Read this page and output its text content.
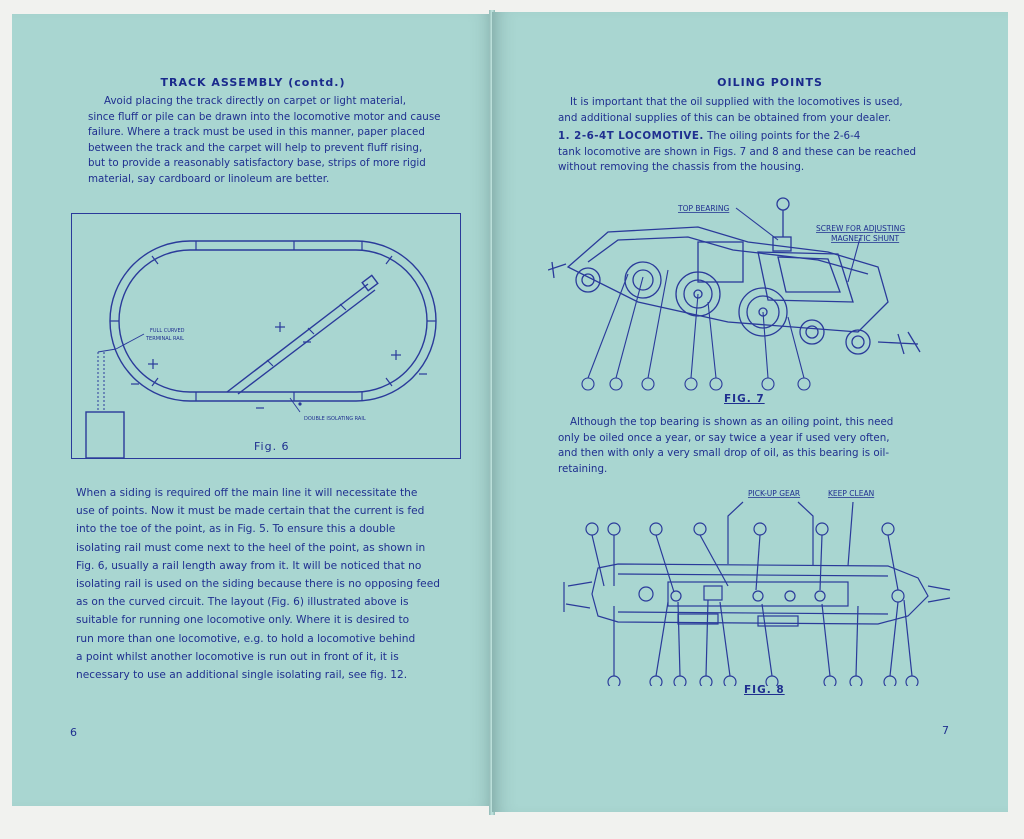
TRACK ASSEMBLY (contd.)
Avoid placing the track directly on carpet or light material,
since fluff or pile can be drawn into the locomotive motor and cause
failure. Where a track must be used in this manner, paper placed
between the track and the carpet will help to prevent fluff rising,
but to provide a reasonably satisfactory base, strips of more rigid
material, say cardboard or linoleum are better.
FULL CURVED
TERMINAL RAIL
DOUBLE ISOLATING RAIL
Fig. 6
When a siding is required off the main line it will necessitate the
use of points. Now it must be made certain that the current is fed
into the toe of the point, as in Fig. 5. To ensure this a double
isolating rail must come next to the heel of the point, as shown in
Fig. 6, usually a rail length away from it. It will be noticed that no
isolating rail is used on the siding because there is no opposing feed
as on the curved circuit. The layout (Fig. 6) illustrated above is
suitable for running one locomotive only. Where it is desired to
run more than one locomotive, e.g. to hold a locomotive behind
a point whilst another locomotive is run out in front of it, it is
necessary to use an additional single isolating rail, see fig. 12.
6
OILING POINTS
It is important that the oil supplied with the locomotives is used,
and additional supplies of this can be obtained from your dealer.
1. 2-6-4T LOCOMOTIVE. The oiling points for the 2-6-4
tank locomotive are shown in Figs. 7 and 8 and these can be reached
without removing the chassis from the housing.
TOP BEARING
SCREW FOR ADJUSTING
MAGNETIC SHUNT
FIG. 7
Although the top bearing is shown as an oiling point, this need
only be oiled once a year, or say twice a year if used very often,
and then with only a very small drop of oil, as this bearing is oil-
retaining.
PICK-UP GEAR	KEEP CLEAN
FIG. 8
7
